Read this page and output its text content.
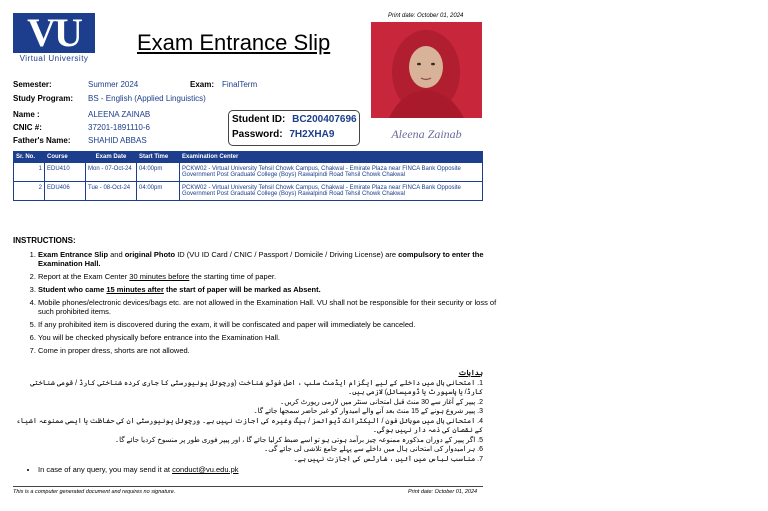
VU
Virtual University
Exam Entrance Slip
Print date: October 01, 2024
Aleena Zainab
Semester:	Summer 2024	Exam: FinalTerm
Study Program: BS - English (Applied Linguistics)
Name :	ALEENA ZAINAB
CNIC #:	37201-1891110-6
Father's Name: SHAHID ABBAS
Student ID: BC200407696
Password: 7H2XHA9
Sr. No.	Course	Exam Date	Start Time	Examination Center
1	EDU410	Mon - 07-Oct-24	04:00pm	PCKW02 - Virtual University Tehsil Chowk Campus, Chakwal - Emirate Plaza near FINCA Bank Opposite Government Post Graduate College (Boys) Rawalpindi Road Tehsil Chowk Chakwal
2	EDU406	Tue - 08-Oct-24	04:00pm	PCKW02 - Virtual University Tehsil Chowk Campus, Chakwal - Emirate Plaza near FINCA Bank Opposite Government Post Graduate College (Boys) Rawalpindi Road Tehsil Chowk Chakwal
INSTRUCTIONS:
1. Exam Entrance Slip and original Photo ID (VU ID Card / CNIC / Passport / Domicile / Driving License) are compulsory to enter the Examination Hall.
2. Report at the Exam Center 30 minutes before the starting time of paper.
3. Student who came 15 minutes after the start of paper will be marked as Absent.
4. Mobile phones/electronic devices/bags etc. are not allowed in the Examination Hall. VU shall not be responsible for their security or loss of such prohibited items.
5. If any prohibited item is discovered during the exam, it will be confiscated and paper will immediately be canceled.
6. You will be checked physically before entrance into the Examination Hall.
7. Come in proper dress, shorts are not allowed.
ہدایات
1. امتحانی ہال میں داخلے کے لیے ایگزام ایڈمٹ سلپ ، اصل فوٹو شناخت (ورچوئل یونیورسٹی کا جاری کردہ شناختی کارڈ / قومی شناختی کارڈ/ یا پاسپورٹ یا ڈومیسائل) لازمی ہیں۔
2. پیپر کے آغاز سے 30 منٹ قبل امتحانی سنٹر میں لازمی رپورٹ کریں۔
3. پیپر شروع ہونے کے 15 منٹ بعد آنے والے امیدوار کو غیر حاضر سمجھا جائے گا۔
4. امتحانی ہال میں موبائل فون / الیکٹرانک ڈیوائسز / بیگ وغیرہ کی اجازت نہیں ہے۔ ورچوئل یونیورسٹی ان کی حفاظت یا ایسی ممنوعہ اشیاء کے نقصان کی ذمہ دار نہیں ہوگی۔
5. اگر پیپر کے دوران مذکورہ ممنوعہ چیز برآمد ہوتی ہو تو اسے ضبط کرلیا جائے گا ، اور پیپر فوری طور پر منسوخ کردیا جائے گا۔
6. ہر امیدوار کی امتحانی ہال میں داخلے سے پہلے جامع تلاشی لی جائے گی۔
7. مناسب لباس میں آئیں ، شارٹس کی اجازت نہیں ہے۔
• In case of any query, you may send it at conduct@vu.edu.pk
This is a computer generated document and requires no signature.	Print date: October 01, 2024
